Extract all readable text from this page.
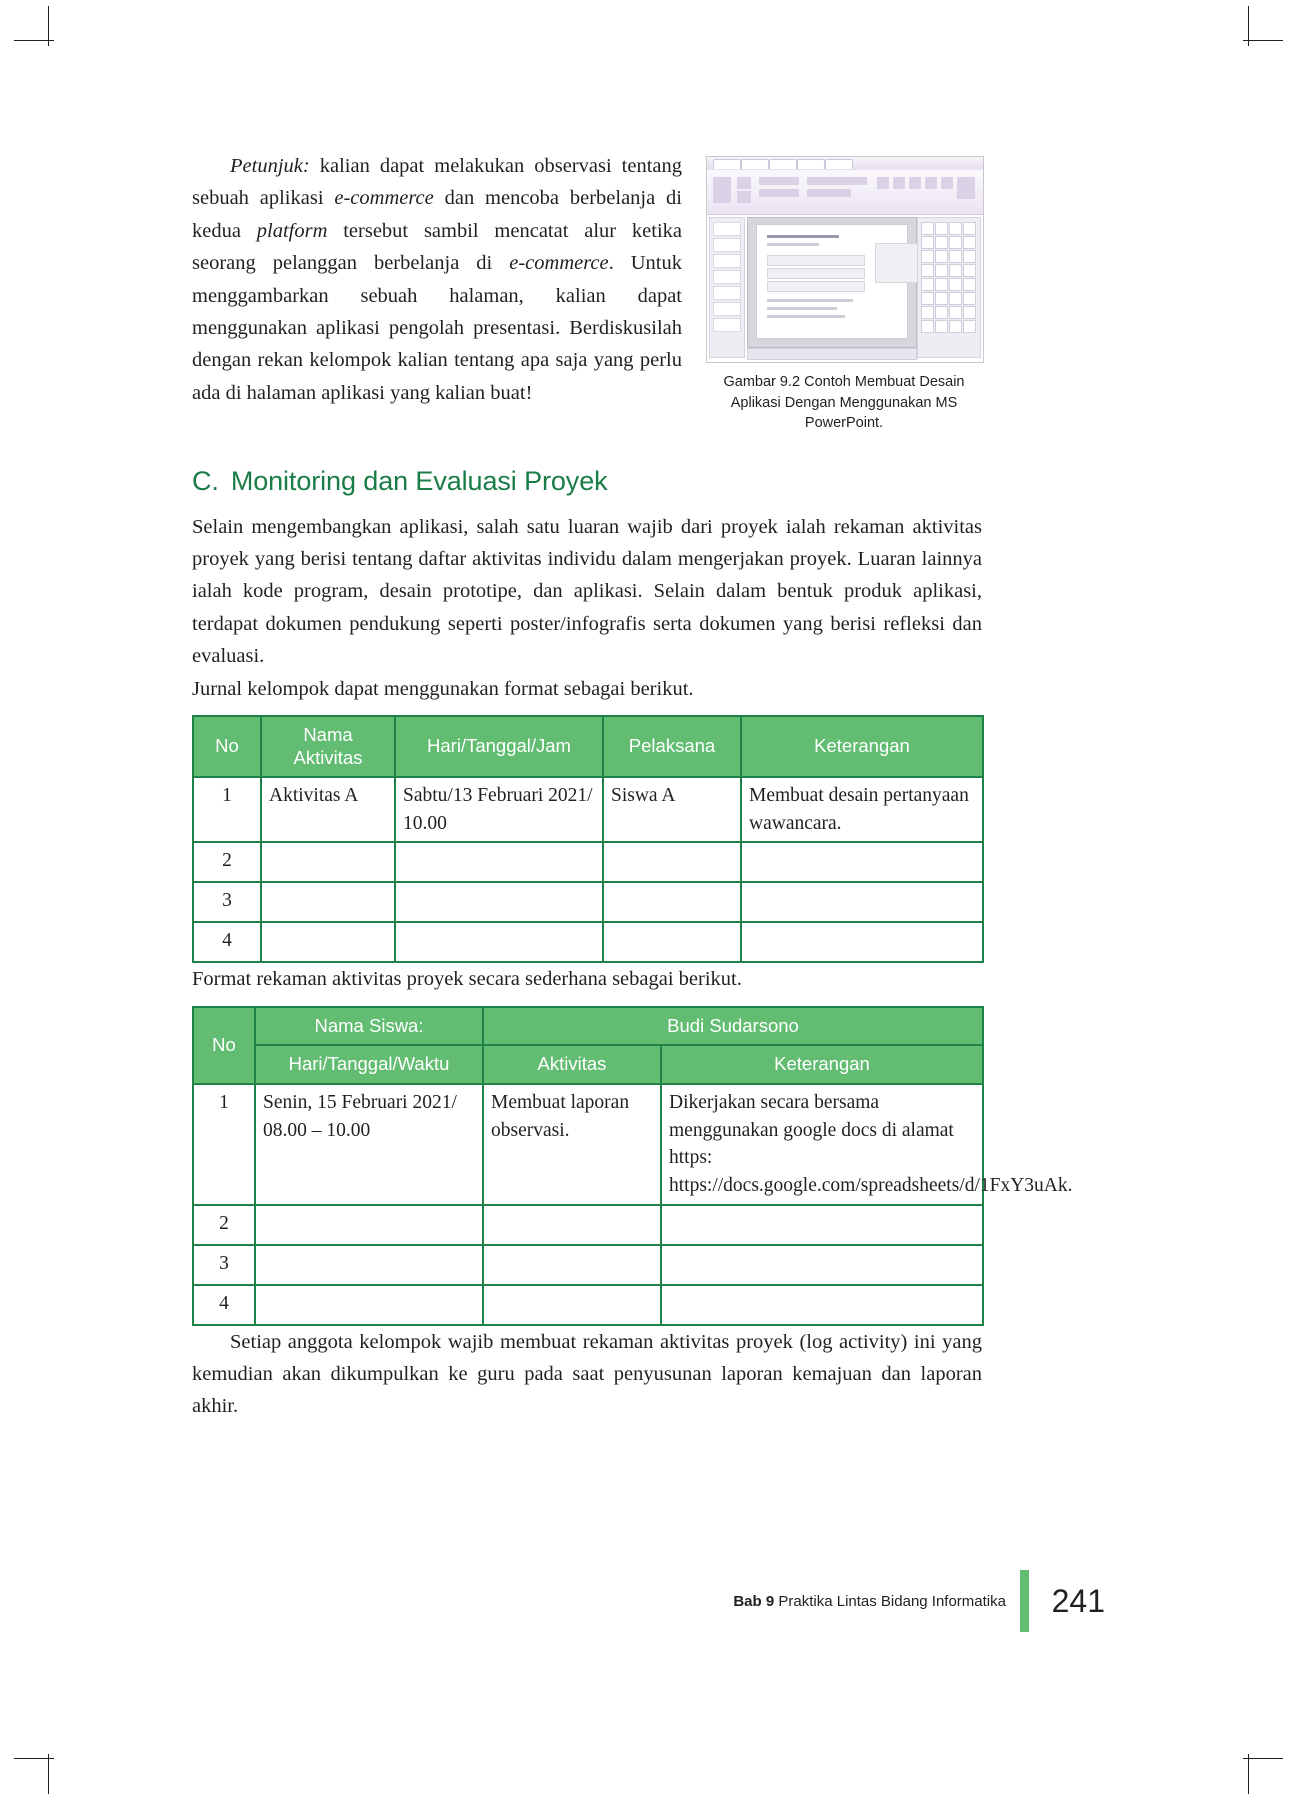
Gambar 9.2 Contoh Membuat Desain Aplikasi Dengan Menggunakan MS PowerPoint.

Petunjuk: kalian dapat melakukan observasi tentang sebuah aplikasi e-commerce dan mencoba berbelanja di kedua platform tersebut sambil mencatat alur ketika seorang pelanggan berbelanja di e-commerce. Untuk menggambarkan sebuah halaman, kalian dapat menggunakan aplikasi pengolah presentasi. Berdiskusilah dengan rekan kelompok kalian tentang apa saja yang perlu ada di halaman aplikasi yang kalian buat!

C. Monitoring dan Evaluasi Proyek

Selain mengembangkan aplikasi, salah satu luaran wajib dari proyek ialah rekaman aktivitas proyek yang berisi tentang daftar aktivitas individu dalam mengerjakan proyek. Luaran lainnya ialah kode program, desain prototipe, dan aplikasi. Selain dalam bentuk produk aplikasi, terdapat dokumen pendukung seperti poster/infografis serta dokumen yang berisi refleksi dan evaluasi.

Jurnal kelompok dapat menggunakan format sebagai berikut.

No	Nama Aktivitas	Hari/Tanggal/Jam	Pelaksana	Keterangan
1	Aktivitas A	Sabtu/13 Februari 2021/ 10.00	Siswa A	Membuat desain pertanyaan wawancara.
2				
3				
4				

Format rekaman aktivitas proyek secara sederhana sebagai berikut.

No	Nama Siswa:	Budi Sudarsono	
	Hari/Tanggal/Waktu	Aktivitas	Keterangan
1	Senin, 15 Februari 2021/ 08.00 – 10.00	Membuat laporan observasi.	Dikerjakan secara bersama menggunakan google docs di alamat https: https://docs.google.com/spreadsheets/d/1FxY3uAk.
2			
3			
4			

Setiap anggota kelompok wajib membuat rekaman aktivitas proyek (log activity) ini yang kemudian akan dikumpulkan ke guru pada saat penyusunan laporan kemajuan dan laporan akhir.

Bab 9 Praktika Lintas Bidang Informatika 241
